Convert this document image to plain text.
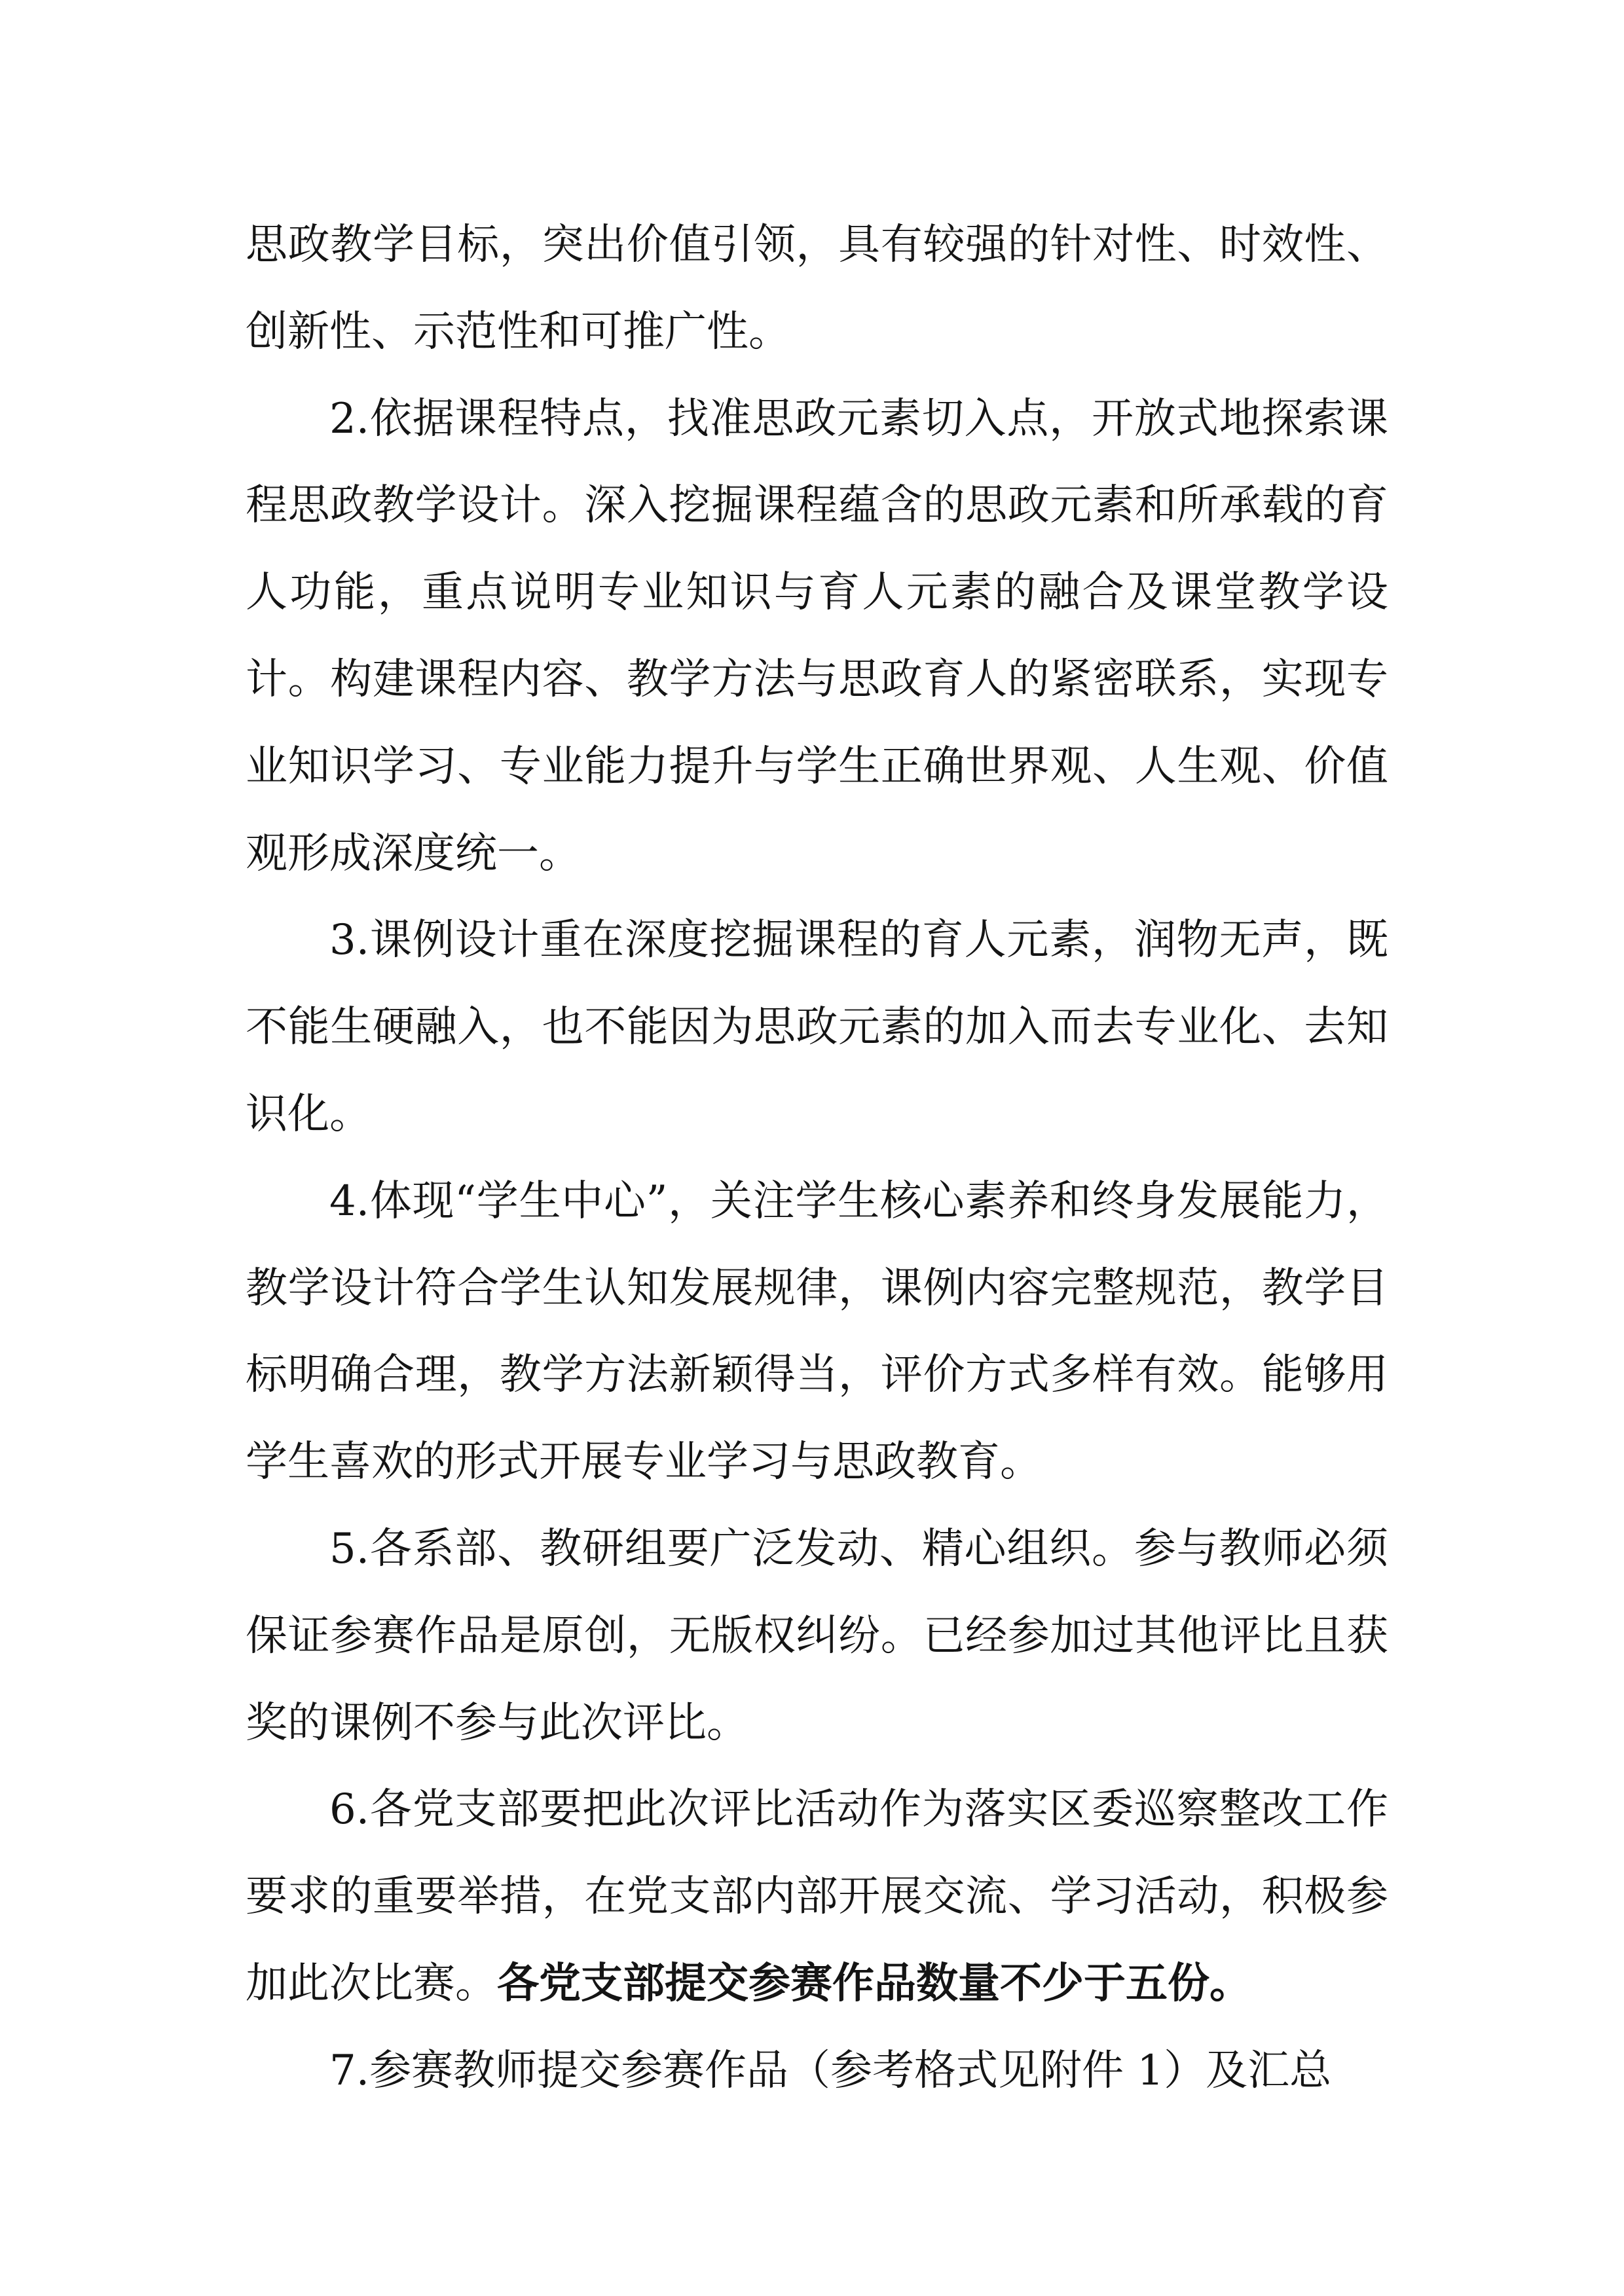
思政教学目标，突出价值引领，具有较强的针对性、时效性、创新性、示范性和可推广性。

2.依据课程特点，找准思政元素切入点，开放式地探索课程思政教学设计。深入挖掘课程蕴含的思政元素和所承载的育人功能，重点说明专业知识与育人元素的融合及课堂教学设计。构建课程内容、教学方法与思政育人的紧密联系，实现专业知识学习、专业能力提升与学生正确世界观、人生观、价值观形成深度统一。

3.课例设计重在深度挖掘课程的育人元素，润物无声，既不能生硬融入，也不能因为思政元素的加入而去专业化、去知识化。

4.体现“学生中心”，关注学生核心素养和终身发展能力，教学设计符合学生认知发展规律，课例内容完整规范，教学目标明确合理，教学方法新颖得当，评价方式多样有效。能够用学生喜欢的形式开展专业学习与思政教育。

5.各系部、教研组要广泛发动、精心组织。参与教师必须保证参赛作品是原创，无版权纠纷。已经参加过其他评比且获奖的课例不参与此次评比。

6.各党支部要把此次评比活动作为落实区委巡察整改工作要求的重要举措，在党支部内部开展交流、学习活动，积极参加此次比赛。各党支部提交参赛作品数量不少于五份。

7.参赛教师提交参赛作品（参考格式见附件 1）及汇总
